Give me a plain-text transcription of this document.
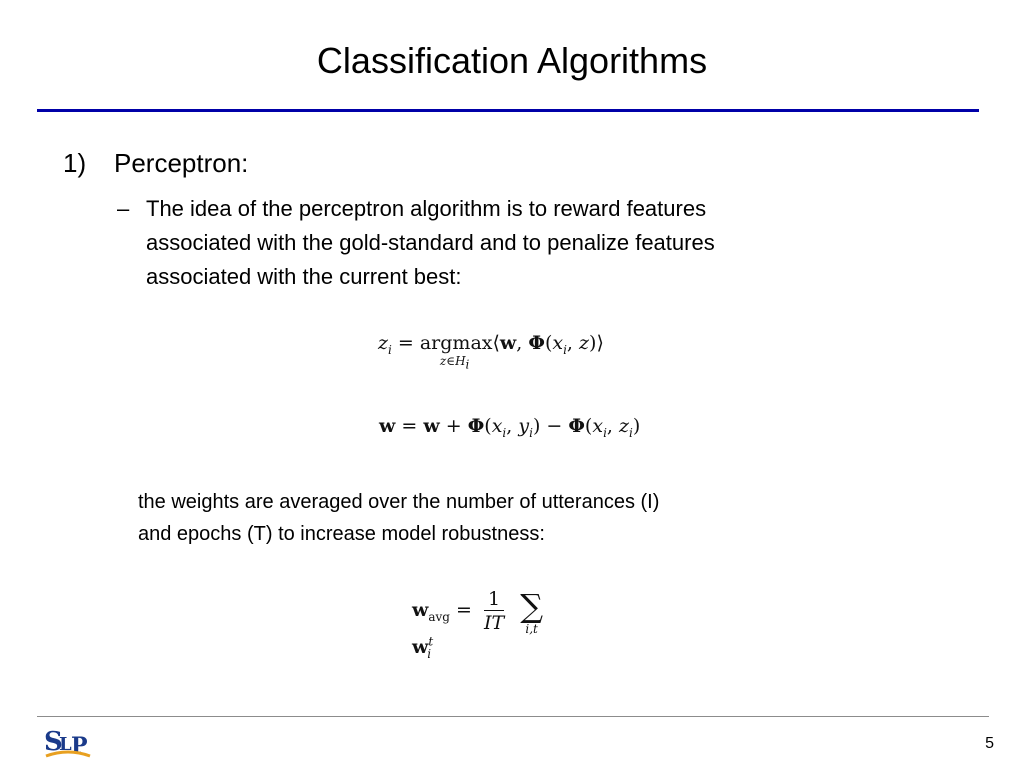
Classification Algorithms
1) Perceptron:
– The idea of the perceptron algorithm is to reward features
associated with the gold-standard and to penalize features
associated with the current best:
$z_i = argmax$
$z\in H_i$
⟨w, $\Phi(x_i$, z)⟩
$w = w + \Phi(x_i$, $y_i) - \Phi(x_i$, $z_i$)
the weights are averaged over the number of utterances (I)
and epochs (T) to increase model robustness:
$w_{avg} = \frac{1}{IT}$
∑
i,t
$w^t_i$
S
L P	5
